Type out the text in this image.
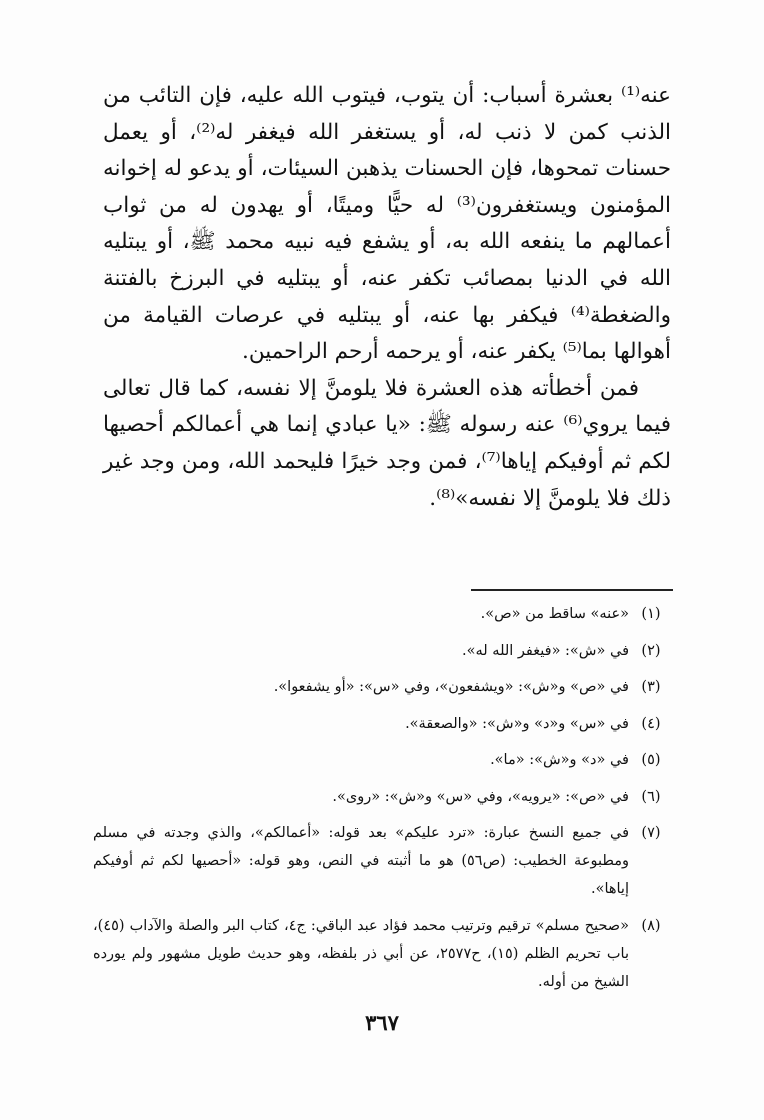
عنه⁽¹⁾ بعشرة أسباب: أن يتوب، فيتوب الله عليه، فإن التائب من الذنب كمن لا ذنب له، أو يستغفر الله فيغفر له⁽²⁾، أو يعمل حسنات تمحوها، فإن الحسنات يذهبن السيئات، أو يدعو له إخوانه المؤمنون ويستغفرون⁽³⁾ له حيًّا وميتًا، أو يهدون له من ثواب أعمالهم ما ينفعه الله به، أو يشفع فيه نبيه محمد ﷺ، أو يبتليه الله في الدنيا بمصائب تكفر عنه، أو يبتليه في البرزخ بالفتنة والضغطة⁽⁴⁾ فيكفر بها عنه، أو يبتليه في عرصات القيامة من أهوالها بما⁽⁵⁾ يكفر عنه، أو يرحمه أرحم الراحمين.

فمن أخطأته هذه العشرة فلا يلومنَّ إلا نفسه، كما قال تعالى فيما يروي⁽⁶⁾ عنه رسوله ﷺ: «يا عبادي إنما هي أعمالكم أحصيها لكم ثم أوفيكم إياها⁽⁷⁾، فمن وجد خيرًا فليحمد الله، ومن وجد غير ذلك فلا يلومنَّ إلا نفسه»⁽⁸⁾.

(١)
«عنه» ساقط من «ص».
(٢)
في «ش»: «فيغفر الله له».
(٣)
في «ص» و«ش»: «ويشفعون»، وفي «س»: «أو يشفعوا».
(٤)
في «س» و«د» و«ش»: «والصعقة».
(٥)
في «د» و«ش»: «ما».
(٦)
في «ص»: «يرويه»، وفي «س» و«ش»: «روى».
(٧)
في جميع النسخ عبارة: «ترد عليكم» بعد قوله: «أعمالكم»، والذي وجدته في مسلم ومطبوعة الخطيب: (ص٥٦) هو ما أثبته في النص، وهو قوله: «أحصيها لكم ثم أوفيكم إياها».
(٨)
«صحيح مسلم» ترقيم وترتيب محمد فؤاد عبد الباقي: ج٤، كتاب البر والصلة والآداب (٤٥)، باب تحريم الظلم (١٥)، ح٢٥٧٧، عن أبي ذر بلفظه، وهو حديث طويل مشهور ولم يورده الشيخ من أوله.
٣٦٧
